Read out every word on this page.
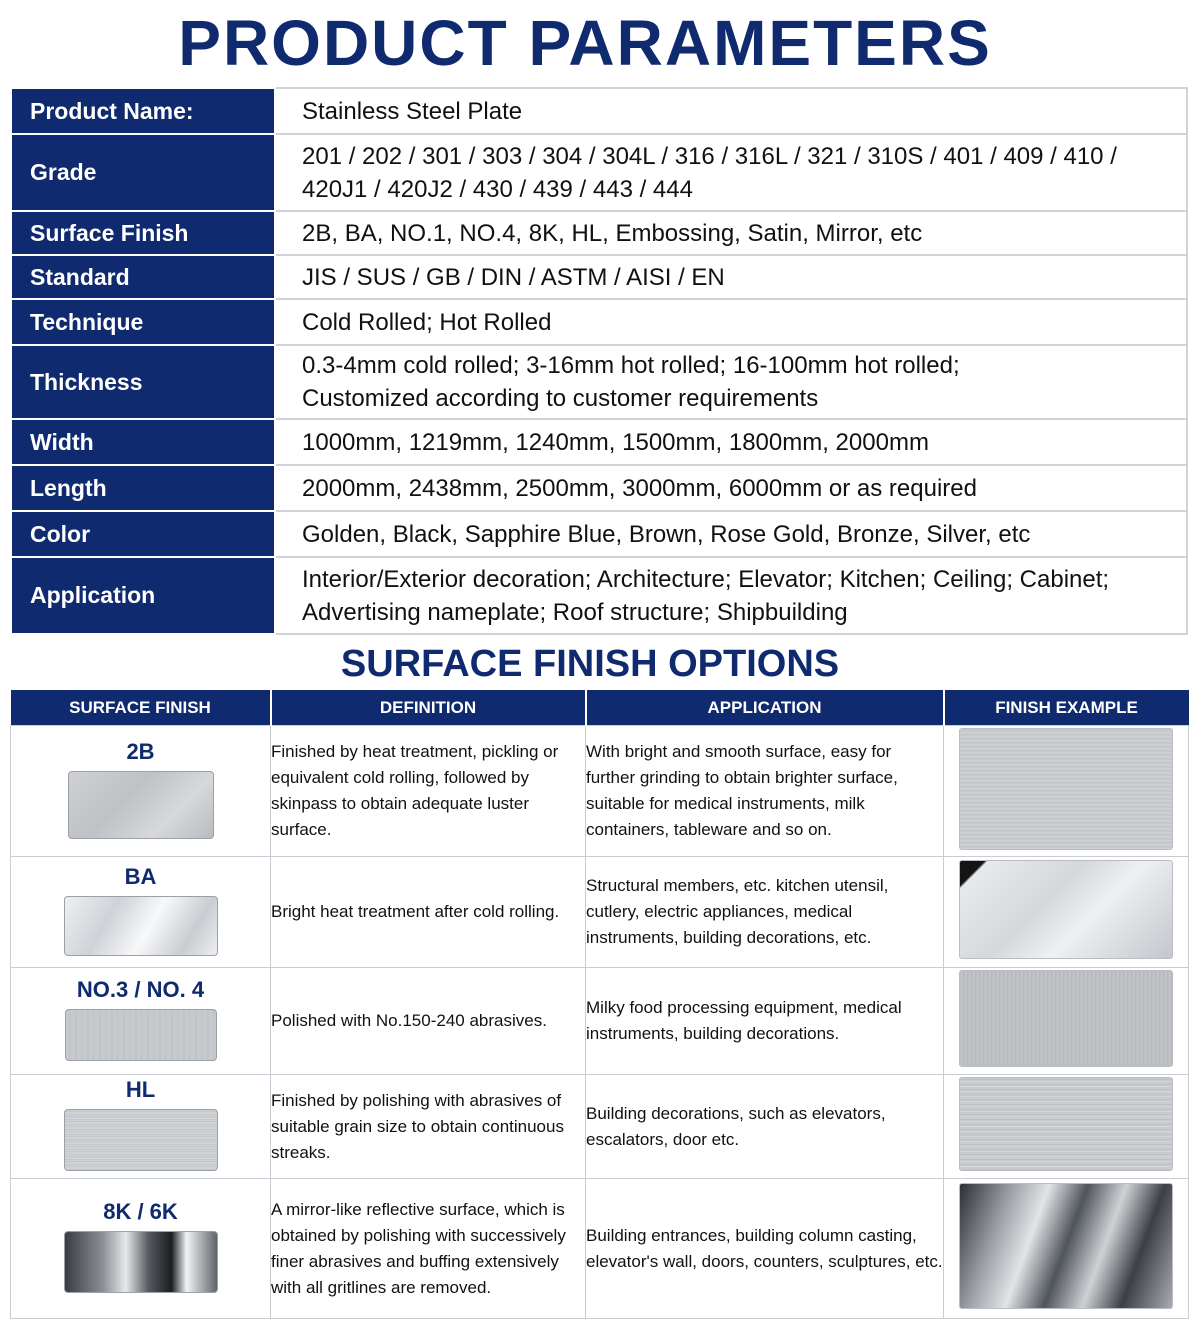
PRODUCT PARAMETERS
Product Name:	Stainless Steel Plate
Grade	201 / 202 / 301 / 303 / 304 / 304L / 316 / 316L / 321 / 310S / 401 / 409 / 410 / 420J1 / 420J2 / 430 / 439 / 443 / 444
Surface Finish	2B, BA, NO.1, NO.4, 8K, HL, Embossing, Satin, Mirror, etc
Standard	JIS / SUS / GB / DIN / ASTM / AISI / EN
Technique	Cold Rolled; Hot Rolled
Thickness	0.3-4mm cold rolled; 3-16mm hot rolled; 16-100mm hot rolled; Customized according to customer requirements
Width	1000mm, 1219mm, 1240mm, 1500mm, 1800mm, 2000mm
Length	2000mm, 2438mm, 2500mm, 3000mm, 6000mm or as required
Color	Golden, Black, Sapphire Blue, Brown, Rose Gold, Bronze, Silver, etc
Application	Interior/Exterior decoration; Architecture; Elevator; Kitchen; Ceiling; Cabinet; Advertising nameplate; Roof structure; Shipbuilding
SURFACE FINISH OPTIONS
SURFACE FINISH	DEFINITION	APPLICATION	FINISH EXAMPLE

2B	Finished by heat treatment, pickling or equivalent cold rolling, followed by skinpass to obtain adequate luster surface.	With bright and smooth surface, easy for further grinding to obtain brighter surface, suitable for medical instruments, milk containers, tableware and so on.	

BA	Bright heat treatment after cold rolling.	Structural members, etc. kitchen utensil, cutlery, electric appliances, medical instruments, building decorations, etc.	

NO.3 / NO. 4	Polished with No.150-240 abrasives.	Milky food processing equipment, medical instruments, building decorations.	

HL	Finished by polishing with abrasives of suitable grain size to obtain continuous streaks.	Building decorations, such as elevators, escalators, door etc.	

8K / 6K	A mirror-like reflective surface, which is obtained by polishing with successively finer abrasives and buffing extensively with all gritlines are removed.	Building entrances, building column casting, elevator's wall, doors, counters, sculptures, etc.	
